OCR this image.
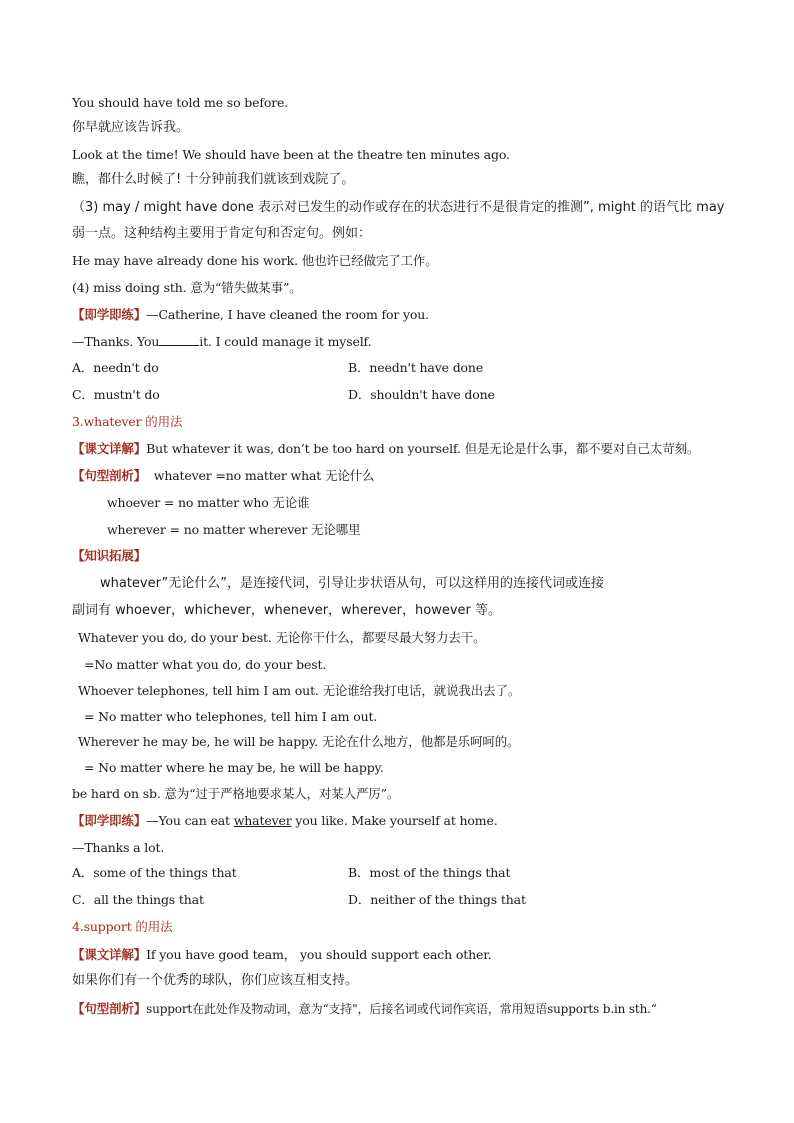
You should have told me so before.
你早就应该告诉我。
Look at the time! We should have been at the theatre ten minutes ago.
瞧，都什么时候了! 十分钟前我们就该到戏院了。
（3) may / might have done 表示对已发生的动作或存在的状态进行不是很肯定的推测”, might 的语气比 may
弱一点。这种结构主要用于肯定句和否定句。例如：
He may have already done his work. 他也许已经做完了工作。
(4) miss doing sth. 意为“错失做某事”。
【即学即练】—Catherine, I have cleaned the room for you.
—Thanks. You	it. I could manage it myself.
A．needn't do	B．needn't have done
C．mustn't do	D．shouldn't have done
3.whatever 的用法
【课文详解】But whatever it was, don’t be too hard on yourself. 但是无论是什么事，都不要对自己太苛刻。
【句型剖析】 whatever =no matter what 无论什么
whoever = no matter who 无论谁
wherever = no matter wherever 无论哪里
【知识拓展】
whatever”无论什么”，是连接代词，引导让步状语从句，可以这样用的连接代词或连接
副词有 whoever，whichever，whenever，wherever，however 等。
Whatever you do, do your best. 无论你干什么，都要尽最大努力去干。
=No matter what you do, do your best.
Whoever telephones, tell him I am out. 无论谁给我打电话，就说我出去了。
= No matter who telephones, tell him I am out.
Wherever he may be, he will be happy. 无论在什么地方，他都是乐呵呵的。
= No matter where he may be, he will be happy.
be hard on sb. 意为“过于严格地要求某人，对某人严厉”。
【即学即练】—You can eat whatever you like. Make yourself at home.
—Thanks a lot.
A．some of the things that	B．most of the things that
C．all the things that	D．neither of the things that
4.support 的用法
【课文详解】If you have good team， you should support each other.
如果你们有一个优秀的球队，你们应该互相支持。
【句型剖析】support在此处作及物动词，意为“支持"，后接名词或代词作宾语，常用短语supports b.in sth.“
